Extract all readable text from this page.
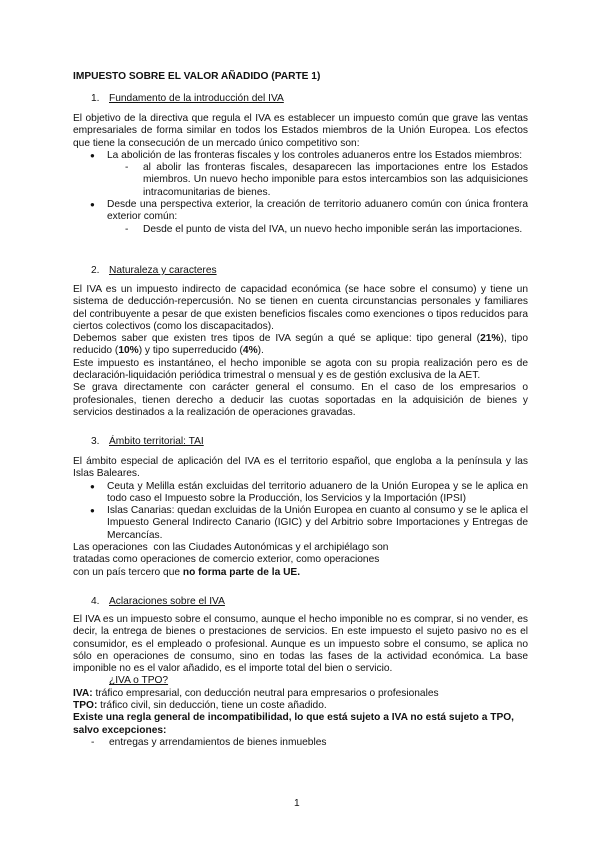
IMPUESTO SOBRE EL VALOR AÑADIDO (PARTE 1)
1. Fundamento de la introducción del IVA

El objetivo de la directiva que regula el IVA es establecer un impuesto común que grave las ventas empresariales de forma similar en todos los Estados miembros de la Unión Europea. Los efectos que tiene la consecución de un mercado único competitivo son:

● La abolición de las fronteras fiscales y los controles aduaneros entre los Estados miembros:
- al abolir las fronteras fiscales, desaparecen las importaciones entre los Estados miembros. Un nuevo hecho imponible para estos intercambios son las adquisiciones intracomunitarias de bienes.
● Desde una perspectiva exterior, la creación de territorio aduanero común con única frontera exterior común:
- Desde el punto de vista del IVA, un nuevo hecho imponible serán las importaciones.
2. Naturaleza y caracteres

El IVA es un impuesto indirecto de capacidad económica (se hace sobre el consumo) y tiene un sistema de deducción-repercusión. No se tienen en cuenta circunstancias personales y familiares del contribuyente a pesar de que existen beneficios fiscales como exenciones o tipos reducidos para ciertos colectivos (como los discapacitados).

Debemos saber que existen tres tipos de IVA según a qué se aplique: tipo general (21%), tipo reducido (10%) y tipo superreducido (4%).

Este impuesto es instantáneo, el hecho imponible se agota con su propia realización pero es de declaración-liquidación periódica trimestral o mensual y es de gestión exclusiva de la AET.

Se grava directamente con carácter general el consumo. En el caso de los empresarios o profesionales, tienen derecho a deducir las cuotas soportadas en la adquisición de bienes y servicios destinados a la realización de operaciones gravadas.

3. Ámbito territorial: TAI

El ámbito especial de aplicación del IVA es el territorio español, que engloba a la península y las Islas Baleares.

● Ceuta y Melilla están excluidas del territorio aduanero de la Unión Europea y se le aplica en todo caso el Impuesto sobre la Producción, los Servicios y la Importación (IPSI)
● Islas Canarias: quedan excluidas de la Unión Europea en cuanto al consumo y se le aplica el Impuesto General Indirecto Canario (IGIC) y del Arbitrio sobre Importaciones y Entregas de Mercancías.

Las operaciones  con las Ciudades Autonómicas y el archipiélago son

tratadas como operaciones de comercio exterior, como operaciones

con un país tercero que no forma parte de la UE.

4. Aclaraciones sobre el IVA

El IVA es un impuesto sobre el consumo, aunque el hecho imponible no es comprar, si no vender, es decir, la entrega de bienes o prestaciones de servicios. En este impuesto el sujeto pasivo no es el consumidor, es el empleado o profesional. Aunque es un impuesto sobre el consumo, se aplica no sólo en operaciones de consumo, sino en todas las fases de la actividad económica. La base imponible no es el valor añadido, es el importe total del bien o servicio.

¿IVA o TPO?

IVA: tráfico empresarial, con deducción neutral para empresarios o profesionales

TPO: tráfico civil, sin deducción, tiene un coste añadido.

Existe una regla general de incompatibilidad, lo que está sujeto a IVA no está sujeto a TPO, salvo excepciones:

- entregas y arrendamientos de bienes inmuebles
1
